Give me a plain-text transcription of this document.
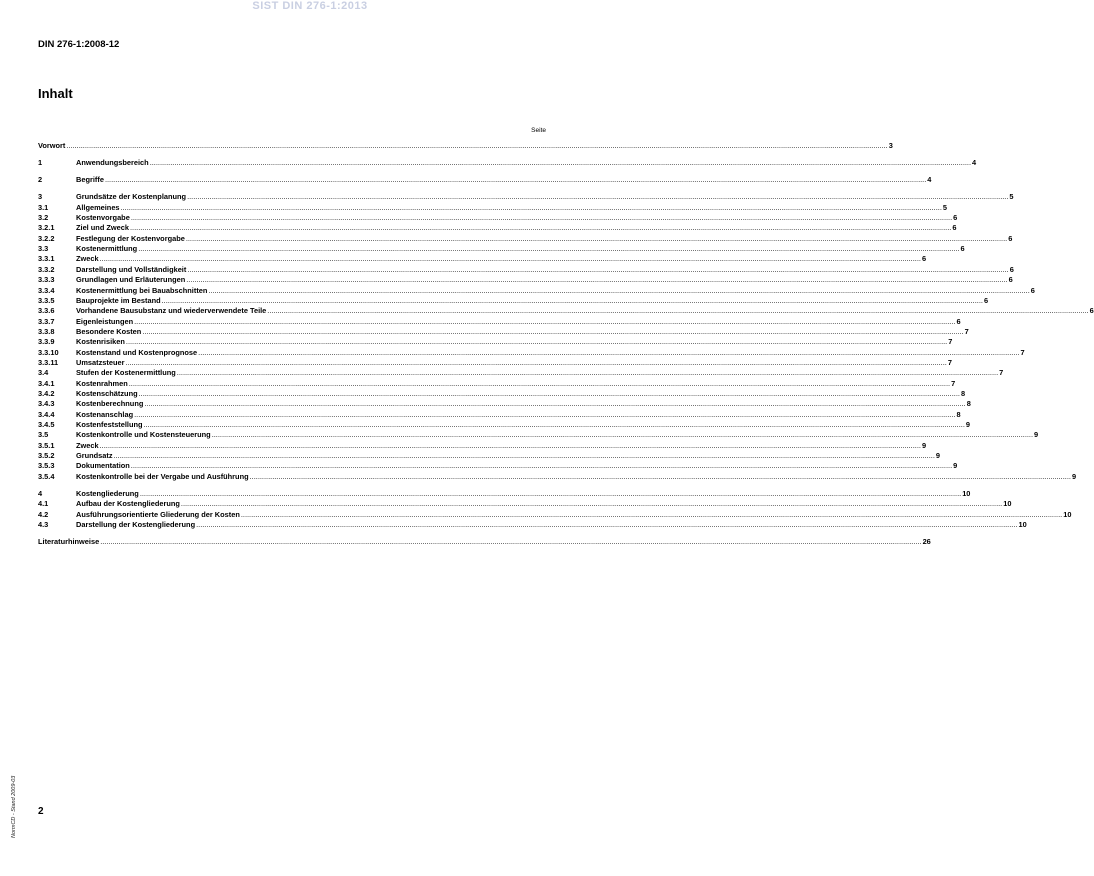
SIST DIN 276-1:2013
DIN 276-1:2008-12
Inhalt
Seite
Vorwort ................................................................................................................................................................................................................................................................................................................................................................................................................ 3
1	Anwendungsbereich ................................................................................................................................................................................................................................................................................................................................................................................................................ 4
2	Begriffe ................................................................................................................................................................................................................................................................................................................................................................................................................ 4
3	Grundsätze der Kostenplanung ................................................................................................................................................................................................................................................................................................................................................................................................................ 5
3.1	Allgemeines ................................................................................................................................................................................................................................................................................................................................................................................................................ 5
3.2	Kostenvorgabe ................................................................................................................................................................................................................................................................................................................................................................................................................ 6
3.2.1	Ziel und Zweck ................................................................................................................................................................................................................................................................................................................................................................................................................ 6
3.2.2	Festlegung der Kostenvorgabe ................................................................................................................................................................................................................................................................................................................................................................................................................ 6
3.3	Kostenermittlung ................................................................................................................................................................................................................................................................................................................................................................................................................ 6
3.3.1	Zweck ................................................................................................................................................................................................................................................................................................................................................................................................................ 6
3.3.2	Darstellung und Vollständigkeit ................................................................................................................................................................................................................................................................................................................................................................................................................ 6
3.3.3	Grundlagen und Erläuterungen ................................................................................................................................................................................................................................................................................................................................................................................................................ 6
3.3.4	Kostenermittlung bei Bauabschnitten ................................................................................................................................................................................................................................................................................................................................................................................................................ 6
3.3.5	Bauprojekte im Bestand ................................................................................................................................................................................................................................................................................................................................................................................................................ 6
3.3.6	Vorhandene Bausubstanz und wiederverwendete Teile ................................................................................................................................................................................................................................................................................................................................................................................................................ 6
3.3.7	Eigenleistungen ................................................................................................................................................................................................................................................................................................................................................................................................................ 6
3.3.8	Besondere Kosten ................................................................................................................................................................................................................................................................................................................................................................................................................ 7
3.3.9	Kostenrisiken ................................................................................................................................................................................................................................................................................................................................................................................................................ 7
3.3.10	Kostenstand und Kostenprognose ................................................................................................................................................................................................................................................................................................................................................................................................................ 7
3.3.11	Umsatzsteuer ................................................................................................................................................................................................................................................................................................................................................................................................................ 7
3.4	Stufen der Kostenermittlung ................................................................................................................................................................................................................................................................................................................................................................................................................ 7
3.4.1	Kostenrahmen ................................................................................................................................................................................................................................................................................................................................................................................................................ 7
3.4.2	Kostenschätzung ................................................................................................................................................................................................................................................................................................................................................................................................................ 8
3.4.3	Kostenberechnung ................................................................................................................................................................................................................................................................................................................................................................................................................ 8
3.4.4	Kostenanschlag ................................................................................................................................................................................................................................................................................................................................................................................................................ 8
3.4.5	Kostenfeststellung ................................................................................................................................................................................................................................................................................................................................................................................................................ 9
3.5	Kostenkontrolle und Kostensteuerung ................................................................................................................................................................................................................................................................................................................................................................................................................ 9
3.5.1	Zweck ................................................................................................................................................................................................................................................................................................................................................................................................................ 9
3.5.2	Grundsatz ................................................................................................................................................................................................................................................................................................................................................................................................................ 9
3.5.3	Dokumentation ................................................................................................................................................................................................................................................................................................................................................................................................................ 9
3.5.4	Kostenkontrolle bei der Vergabe und Ausführung ................................................................................................................................................................................................................................................................................................................................................................................................................ 9
4	Kostengliederung ................................................................................................................................................................................................................................................................................................................................................................................................................ 10
4.1	Aufbau der Kostengliederung ................................................................................................................................................................................................................................................................................................................................................................................................................ 10
4.2	Ausführungsorientierte Gliederung der Kosten ................................................................................................................................................................................................................................................................................................................................................................................................................ 10
4.3	Darstellung der Kostengliederung ................................................................................................................................................................................................................................................................................................................................................................................................................ 10
Literaturhinweise ................................................................................................................................................................................................................................................................................................................................................................................................................ 26
2
NormCD - Stand 2009-03
